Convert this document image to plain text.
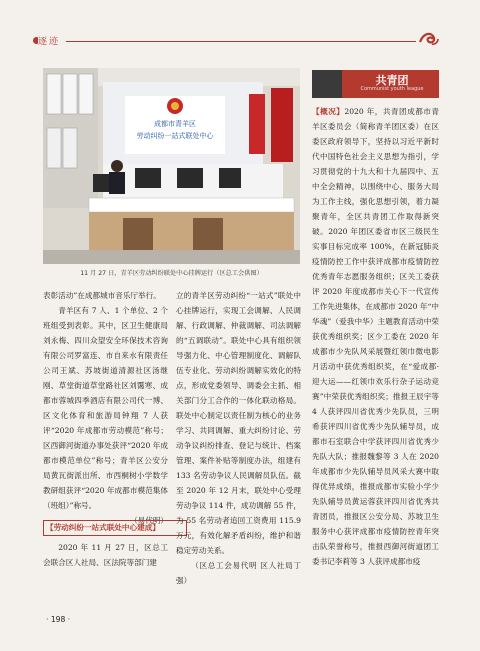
逐迹
成都市青羊区
劳动纠纷一站式联处中心
11 月 27 日，青羊区劳动纠纷联处中心挂牌运行（区总工会供图）
共青团
Communist youth league

表彰活动”在成都城市音乐厅举行。

青羊区有 7 人、1 个单位、2 个班组受到表彰。其中，区卫生健康局刘永梅、四川众望安全环保技术咨询有限公司罗富连、市自来水有限责任公司王斌、苏坡街道清源社区汤继刚、草堂街道草堂路社区刘霭寒、成都市蓉城四季酒店有限公司代一博、区文化体育和旅游局钟翔 7 人获评“2020 年成都市劳动模范”称号；区西御河街道办事处获评“2020 年成都市模范单位”称号；青羊区公安分局黄瓦街派出所、市西桐树小学数学教研组获评“2020 年成都市模范集体（班组）”称号。

（易代明）

【劳动纠纷一站式联处中心建成】

2020 年 11 月 27 日，区总工会联合区人社局、区法院等部门建

立的青羊区劳动纠纷“一站式”联处中心挂牌运行，实现工会调解、人民调解、行政调解、仲裁调解、司法调解的“五调联动”。联处中心具有组织领导强力化、中心管理制度化、调解队伍专业化、劳动纠纷调解实效化的特点，形成党委领导、调委会主抓、相关部门分工合作的一体化联动格局。联处中心制定以责任制为核心的业务学习、共同调解、重大纠纷讨论、劳动争议纠纷排查、登记与统计、档案管理、案件补贴等制度办法，组建有 133 名劳动争议人民调解员队伍。截至 2020 年 12 月末，联处中心受理劳动争议 114 件，成功调解 55 件，为 55 名劳动者追回工资费用 115.9 万元，有效化解矛盾纠纷，维护和谐稳定劳动关系。

（区总工会易代明 区人社局丁强）

【概况】2020 年，共青团成都市青羊区委员会（简称青羊团区委）在区委区政府领导下，坚持以习近平新时代中国特色社会主义思想为指引，学习贯彻党的十九大和十九届四中、五中全会精神，以围绕中心、服务大局为工作主线，强化思想引领，着力凝聚青年，全区共青团工作取得新突破。2020 年团区委省市区三级民生实事目标完成率 100%，在新冠肺炎疫情防控工作中获评成都市疫情防控优秀青年志愿服务组织；区关工委获评 2020 年度成都市关心下一代宣传工作先进集体，在成都市 2020 年“中华魂”（爱我中华）主题教育活动中荣获优秀组织奖；区少工委在 2020 年成都市少先队风采展暨红领巾微电影月活动中获优秀组织奖，在“爱成都·迎大运——红领巾欢乐行杂子运动竞赛”中荣获优秀组织奖；推报王辰宇等 4 人获评四川省优秀少先队员，三明希获评四川省优秀少先队辅导员，成都市石室联合中学获评四川省优秀少先队大队；推报魏黎等 3 人在 2020 年成都市少先队辅导员风采大赛中取得优异成绩，推报成都市实验小学少先队辅导员黄运蓉获评四川省优秀共青团员，推报区公安分局、苏坡卫生服务中心获评成都市疫情防控青年突击队荣誉称号，推报西御河街道团工委书记李莉等 3 人获评成都市疫

· 198 ·
